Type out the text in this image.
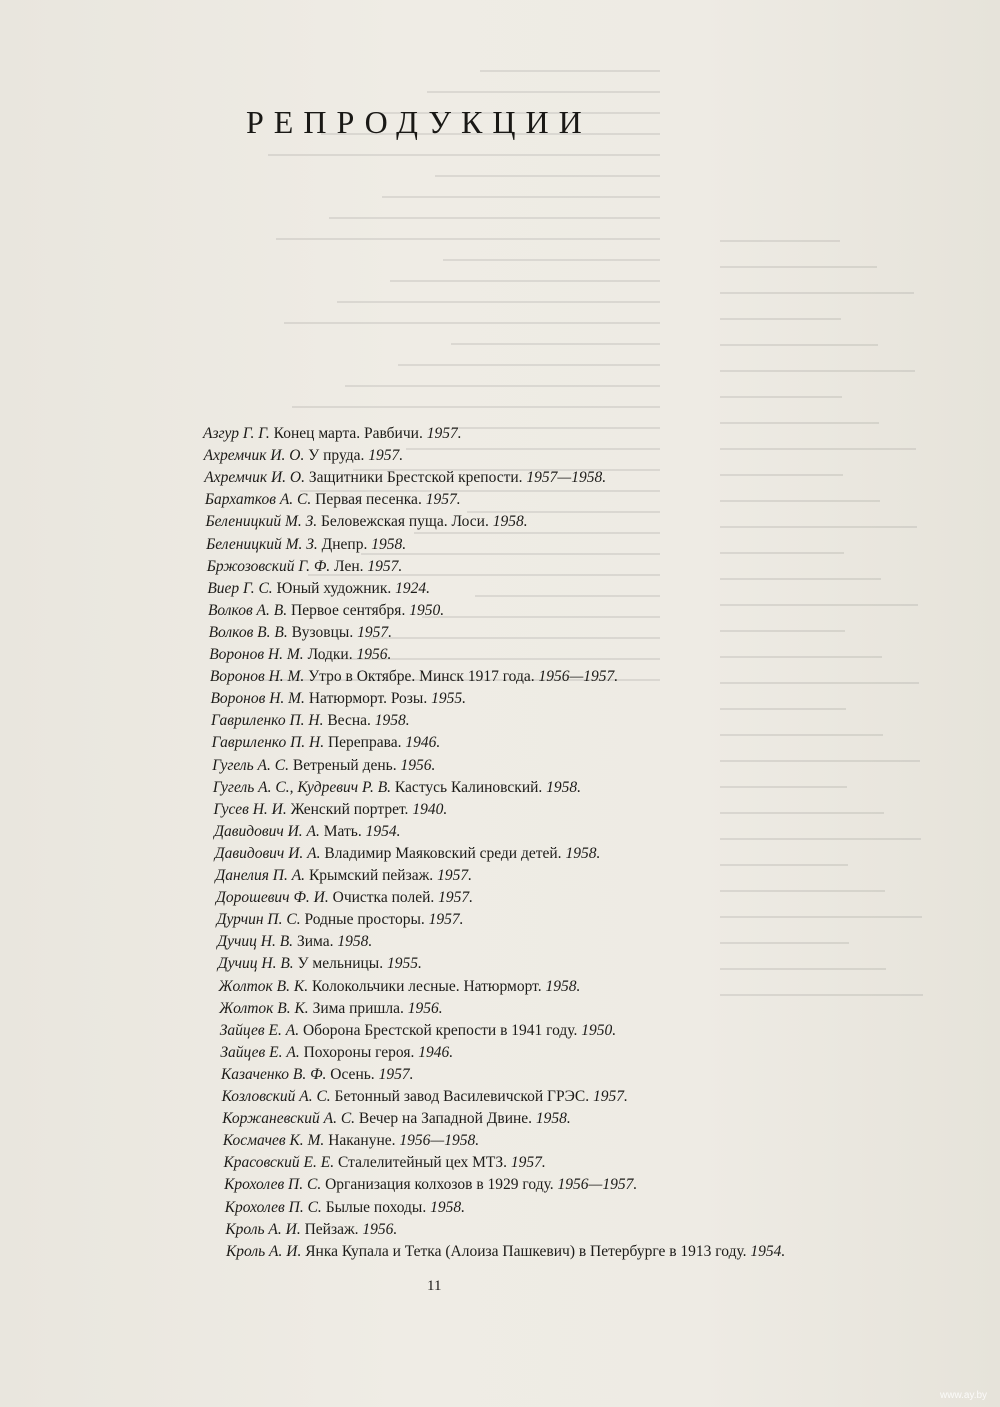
РЕПРОДУКЦИИ
Азгур Г. Г. Конец марта. Равбичи. 1957.
Ахремчик И. О. У пруда. 1957.
Ахремчик И. О. Защитники Брестской крепости. 1957—1958.
Бархатков А. С. Первая песенка. 1957.
Беленицкий М. З. Беловежская пуща. Лоси. 1958.
Беленицкий М. З. Днепр. 1958.
Бржозовский Г. Ф. Лен. 1957.
Виер Г. С. Юный художник. 1924.
Волков А. В. Первое сентября. 1950.
Волков В. В. Вузовцы. 1957.
Воронов Н. М. Лодки. 1956.
Воронов Н. М. Утро в Октябре. Минск 1917 года. 1956—1957.
Воронов Н. М. Натюрморт. Розы. 1955.
Гавриленко П. Н. Весна. 1958.
Гавриленко П. Н. Переправа. 1946.
Гугель А. С. Ветреный день. 1956.
Гугель А. С., Кудревич Р. В. Кастусь Калиновский. 1958.
Гусев Н. И. Женский портрет. 1940.
Давидович И. А. Мать. 1954.
Давидович И. А. Владимир Маяковский среди детей. 1958.
Данелия П. А. Крымский пейзаж. 1957.
Дорошевич Ф. И. Очистка полей. 1957.
Дурчин П. С. Родные просторы. 1957.
Дучиц Н. В. Зима. 1958.
Дучиц Н. В. У мельницы. 1955.
Жолток В. К. Колокольчики лесные. Натюрморт. 1958.
Жолток В. К. Зима пришла. 1956.
Зайцев Е. А. Оборона Брестской крепости в 1941 году. 1950.
Зайцев Е. А. Похороны героя. 1946.
Казаченко В. Ф. Осень. 1957.
Козловский А. С. Бетонный завод Василевичской ГРЭС. 1957.
Коржаневский А. С. Вечер на Западной Двине. 1958.
Космачев К. М. Накануне. 1956—1958.
Красовский Е. Е. Сталелитейный цех МТЗ. 1957.
Крохолев П. С. Организация колхозов в 1929 году. 1956—1957.
Крохолев П. С. Былые походы. 1958.
Кроль А. И. Пейзаж. 1956.
Кроль А. И. Янка Купала и Тетка (Алоиза Пашкевич) в Петербурге в 1913 году. 1954.
11
www.ay.by
